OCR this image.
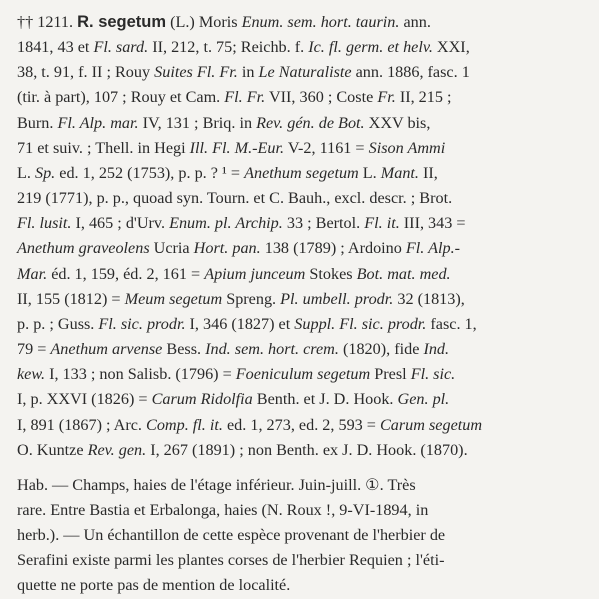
†† 1211. R. segetum (L.) Moris Enum. sem. hort. taurin. ann.
1841, 43 et Fl. sard. II, 212, t. 75; Reichb. f. Ic. fl. germ. et helv. XXI,
38, t. 91, f. II ; Rouy Suites Fl. Fr. in Le Naturaliste ann. 1886, fasc. 1
(tir. à part), 107 ; Rouy et Cam. Fl. Fr. VII, 360 ; Coste Fr. II, 215 ;
Burn. Fl. Alp. mar. IV, 131 ; Briq. in Rev. gén. de Bot. XXV bis,
71 et suiv. ; Thell. in Hegi Ill. Fl. M.-Eur. V-2, 1161 = Sison Ammi
L. Sp. ed. 1, 252 (1753), p. p. ? ¹ = Anethum segetum L. Mant. II,
219 (1771), p. p., quoad syn. Tourn. et C. Bauh., excl. descr. ; Brot.
Fl. lusit. I, 465 ; d'Urv. Enum. pl. Archip. 33 ; Bertol. Fl. it. III, 343 =
Anethum graveolens Ucria Hort. pan. 138 (1789) ; Ardoino Fl. Alp.-
Mar. éd. 1, 159, éd. 2, 161 = Apium junceum Stokes Bot. mat. med.
II, 155 (1812) = Meum segetum Spreng. Pl. umbell. prodr. 32 (1813),
p. p. ; Guss. Fl. sic. prodr. I, 346 (1827) et Suppl. Fl. sic. prodr. fasc. 1,
79 = Anethum arvense Bess. Ind. sem. hort. crem. (1820), fide Ind.
kew. I, 133 ; non Salisb. (1796) = Foeniculum segetum Presl Fl. sic.
I, p. XXVI (1826) = Carum Ridolfia Benth. et J. D. Hook. Gen. pl.
I, 891 (1867) ; Arc. Comp. fl. it. ed. 1, 273, ed. 2, 593 = Carum segetum
O. Kuntze Rev. gen. I, 267 (1891) ; non Benth. ex J. D. Hook. (1870).

Hab. — Champs, haies de l'étage inférieur. Juin-juill. ①. Très
rare. Entre Bastia et Erbalonga, haies (N. Roux !, 9-VI-1894, in
herb.). — Un échantillon de cette espèce provenant de l'herbier de
Serafini existe parmi les plantes corses de l'herbier Requien ; l'éti-
quette ne porte pas de mention de localité.
